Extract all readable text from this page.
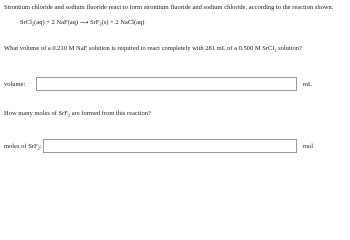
Strontium chloride and sodium fluoride react to form strontium fluoride and sodium chloride, according to the reaction shown.
SrCl$_2$(aq) + 2 NaF(aq) ⟶ SrF$_2$(s) + 2 NaCl(aq)
What volume of a 0.210 M NaF solution is required to react completely with 281 mL of a 0.500 M SrCl$_2$ solution?
volume:	mL
How many moles of SrF$_2$ are formed from this reaction?
moles of SrF$_2$:	mol
